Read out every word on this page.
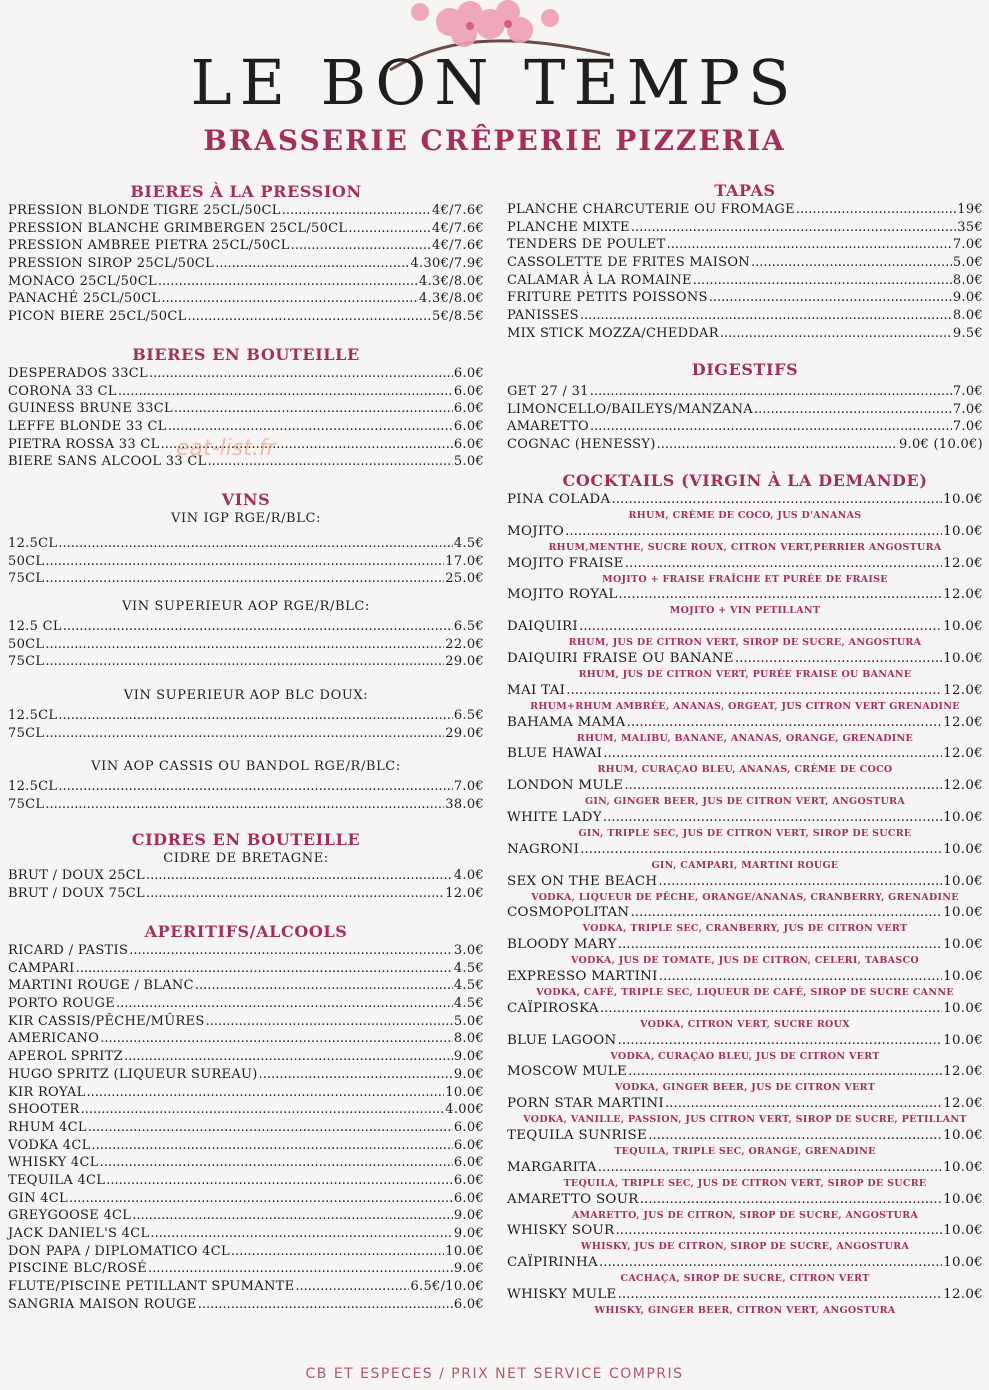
LE BON TEMPS
BRASSERIE CRÊPERIE PIZZERIA
BIERES À LA PRESSION
PRESSION BLONDE TIGRE 25CL/50CL .....	4€/7.6€
PRESSION BLANCHE GRIMBERGEN 25CL/50CL .....	4€/7.6€
PRESSION AMBREE PIETRA 25CL/50CL .....	4€/7.6€
PRESSION SIROP 25CL/50CL .....	4.30€/7.9€
MONACO 25CL/50CL .....	4.3€/8.0€
PANACHÉ 25CL/50CL .....	4.3€/8.0€
PICON BIERE 25CL/50CL .....	5€/8.5€
BIERES EN BOUTEILLE
DESPERADOS 33CL .....	6.0€
CORONA 33 CL .....	6.0€
GUINESS BRUNE 33CL .....	6.0€
LEFFE BLONDE 33 CL .....	6.0€
PIETRA ROSSA 33 CL .....	6.0€
BIERE SANS ALCOOL 33 CL .....	5.0€
VINS
VIN IGP RGE/R/BLC:
12.5CL .....	4.5€
50CL .....	17.0€
75CL .....	25.0€
VIN SUPERIEUR AOP RGE/R/BLC:
12.5 CL .....	6.5€
50CL .....	22.0€
75CL .....	29.0€
VIN SUPERIEUR AOP BLC DOUX:
12.5CL .....	6.5€
75CL .....	29.0€
VIN AOP CASSIS OU BANDOL RGE/R/BLC:
12.5CL .....	7.0€
75CL .....	38.0€
CIDRES EN BOUTEILLE
CIDRE DE BRETAGNE:
BRUT / DOUX 25CL .....	4.0€
BRUT / DOUX 75CL .....	12.0€
APERITIFS/ALCOOLS
RICARD / PASTIS .....	3.0€
CAMPARI .....	4.5€
MARTINI ROUGE / BLANC .....	4.5€
PORTO ROUGE .....	4.5€
KIR CASSIS/PÊCHE/MÛRES .....	5.0€
AMERICANO .....	8.0€
APEROL SPRITZ .....	9.0€
HUGO SPRITZ (LIQUEUR SUREAU) .....	9.0€
KIR ROYAL .....	10.0€
SHOOTER .....	4.00€
RHUM 4CL .....	6.0€
VODKA 4CL .....	6.0€
WHISKY 4CL .....	6.0€
TEQUILA 4CL .....	6.0€
GIN 4CL .....	6.0€
GREYGOOSE 4CL .....	9.0€
JACK DANIEL'S 4CL .....	9.0€
DON PAPA / DIPLOMATICO 4CL .....	10.0€
PISCINE BLC/ROSÉ .....	9.0€
FLUTE/PISCINE PETILLANT SPUMANTE .....	6.5€/10.0€
SANGRIA MAISON ROUGE .....	6.0€
TAPAS
PLANCHE CHARCUTERIE OU FROMAGE .....	19€
PLANCHE MIXTE .....	35€
TENDERS DE POULET .....	7.0€
CASSOLETTE DE FRITES MAISON .....	5.0€
CALAMAR À LA ROMAINE .....	8.0€
FRITURE PETITS POISSONS .....	9.0€
PANISSES .....	8.0€
MIX STICK MOZZA/CHEDDAR .....	9.5€
DIGESTIFS
GET 27 / 31 .....	7.0€
LIMONCELLO/BAILEYS/MANZANA .....	7.0€
AMARETTO .....	7.0€
COGNAC (HENESSY) .....	9.0€ (10.0€)
COCKTAILS (VIRGIN À LA DEMANDE)
PINA COLADA .....	10.0€
RHUM, CRÈME DE COCO, JUS D'ANANAS
MOJITO .....	10.0€
RHUM,MENTHE, SUCRE ROUX, CITRON VERT,PERRIER ANGOSTURA
MOJITO FRAISE .....	12.0€
MOJITO + FRAISE FRAÎCHE ET PURÉE DE FRAISE
MOJITO ROYAL .....	12.0€
MOJITO + VIN PETILLANT
DAIQUIRI .....	10.0€
RHUM, JUS DE CITRON VERT, SIROP DE SUCRE, ANGOSTURA
DAIQUIRI FRAISE OU BANANE .....	10.0€
RHUM, JUS DE CITRON VERT, PURÉE FRAISE OU BANANE
MAI TAI .....	12.0€
RHUM+RHUM AMBRÉE, ANANAS, ORGEAT, JUS CITRON VERT GRENADINE
BAHAMA MAMA .....	12.0€
RHUM, MALIBU, BANANE, ANANAS, ORANGE, GRENADINE
BLUE HAWAI .....	12.0€
RHUM, CURAÇAO BLEU, ANANAS, CRÈME DE COCO
LONDON MULE .....	12.0€
GIN, GINGER BEER, JUS DE CITRON VERT, ANGOSTURA
WHITE LADY .....	10.0€
GIN, TRIPLE SEC, JUS DE CITRON VERT, SIROP DE SUCRE
NAGRONI .....	10.0€
GIN, CAMPARI, MARTINI ROUGE
SEX ON THE BEACH .....	10.0€
VODKA, LIQUEUR DE PÊCHE, ORANGE/ANANAS, CRANBERRY, GRENADINE
COSMOPOLITAN .....	10.0€
VODKA, TRIPLE SEC, CRANBERRY, JUS DE CITRON VERT
BLOODY MARY .....	10.0€
VODKA, JUS DE TOMATE, JUS DE CITRON, CELERI, TABASCO
EXPRESSO MARTINI .....	10.0€
VODKA, CAFÉ, TRIPLE SEC, LIQUEUR DE CAFÉ, SIROP DE SUCRE CANNE
CAÏPIROSKA .....	10.0€
VODKA, CITRON VERT, SUCRE ROUX
BLUE LAGOON .....	10.0€
VODKA, CURAÇAO BLEU, JUS DE CITRON VERT
MOSCOW MULE .....	12.0€
VODKA, GINGER BEER, JUS DE CITRON VERT
PORN STAR MARTINI .....	12.0€
VODKA, VANILLE, PASSION, JUS CITRON VERT, SIROP DE SUCRE, PETILLANT
TEQUILA SUNRISE .....	10.0€
TEQUILA, TRIPLE SEC, ORANGE, GRENADINE
MARGARITA .....	10.0€
TEQUILA, TRIPLE SEC, JUS DE CITRON VERT, SIROP DE SUCRE
AMARETTO SOUR .....	10.0€
AMARETTO, JUS DE CITRON, SIROP DE SUCRE, ANGOSTURA
WHISKY SOUR .....	10.0€
WHISKY, JUS DE CITRON, SIROP DE SUCRE, ANGOSTURA
CAÏPIRINHA .....	10.0€
CACHAÇA, SIROP DE SUCRE, CITRON VERT
WHISKY MULE .....	12.0€
WHISKY, GINGER BEER, CITRON VERT, ANGOSTURA
eat-list.fr
CB ET ESPECES / PRIX NET SERVICE COMPRIS
